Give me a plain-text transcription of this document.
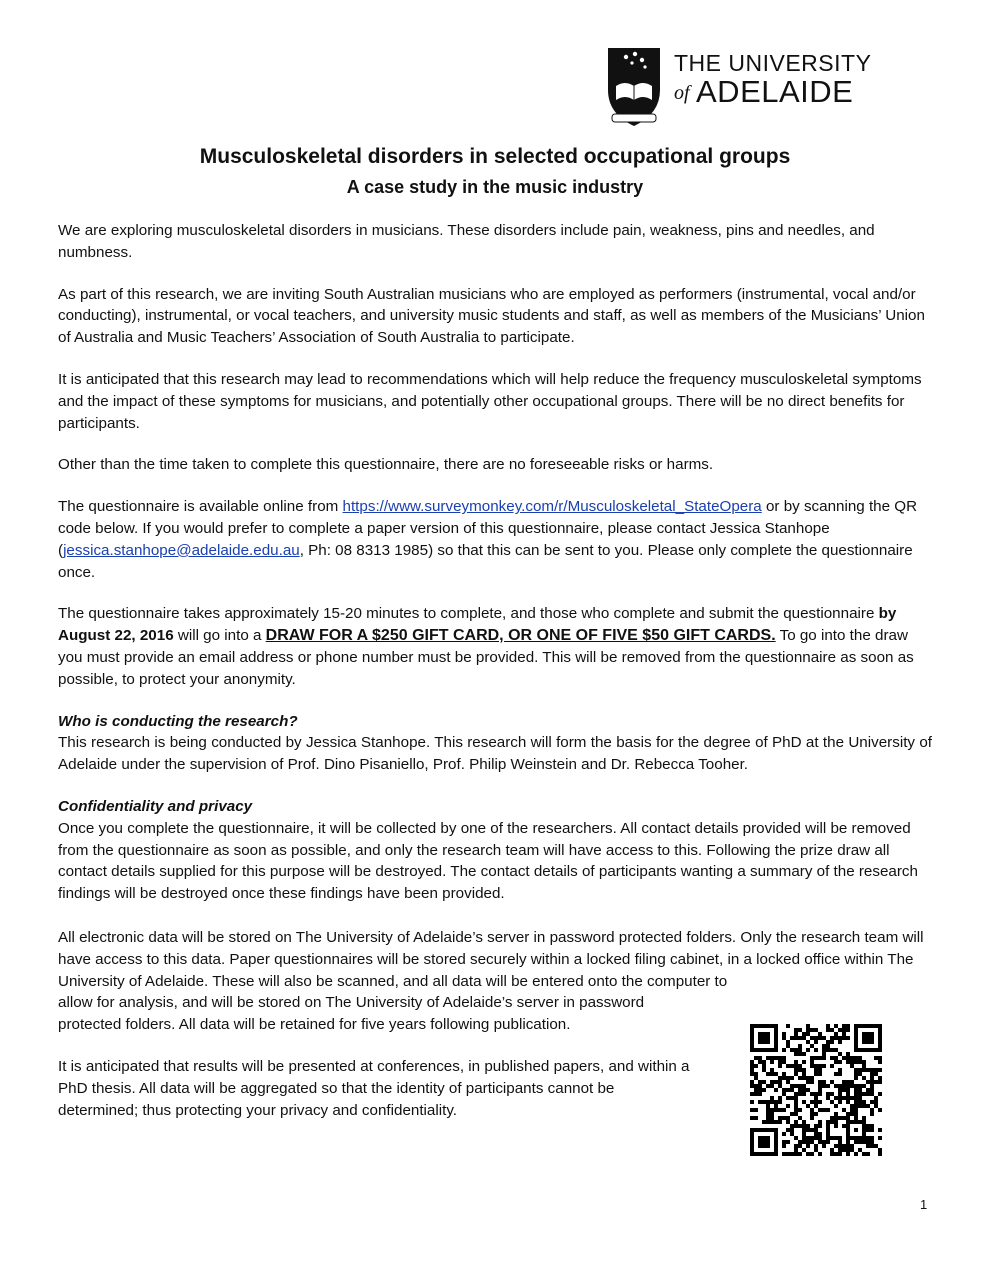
THE UNIVERSITY
of ADELAIDE
Musculoskeletal disorders in selected occupational groups
A case study in the music industry

We are exploring musculoskeletal disorders in musicians. These disorders include pain, weakness, pins and needles, and numbness.

As part of this research, we are inviting South Australian musicians who are employed as performers (instrumental, vocal and/or conducting), instrumental, or vocal teachers, and university music students and staff, as well as members of the Musicians’ Union of Australia and Music Teachers’ Association of South Australia to participate.

It is anticipated that this research may lead to recommendations which will help reduce the frequency musculoskeletal symptoms and the impact of these symptoms for musicians, and potentially other occupational groups. There will be no direct benefits for participants.

Other than the time taken to complete this questionnaire, there are no foreseeable risks or harms.

The questionnaire is available online from https://www.surveymonkey.com/r/Musculoskeletal_StateOpera or by scanning the QR code below. If you would prefer to complete a paper version of this questionnaire, please contact Jessica Stanhope (jessica.stanhope@adelaide.edu.au, Ph: 08 8313 1985) so that this can be sent to you. Please only complete the questionnaire once.

The questionnaire takes approximately 15-20 minutes to complete, and those who complete and submit the questionnaire by August 22, 2016 will go into a DRAW FOR A $250 GIFT CARD, OR ONE OF FIVE $50 GIFT CARDS. To go into the draw you must provide an email address or phone number must be provided. This will be removed from the questionnaire as soon as possible, to protect your anonymity.

Who is conducting the research?

This research is being conducted by Jessica Stanhope. This research will form the basis for the degree of PhD at the University of Adelaide under the supervision of Prof. Dino Pisaniello, Prof. Philip Weinstein and Dr. Rebecca Tooher.

Confidentiality and privacy

Once you complete the questionnaire, it will be collected by one of the researchers. All contact details provided will be removed from the questionnaire as soon as possible, and only the research team will have access to this. Following the prize draw all contact details supplied for this purpose will be destroyed. The contact details of participants wanting a summary of the research findings will be destroyed once these findings have been provided.

All electronic data will be stored on The University of Adelaide’s server in password protected folders. Only the research team will have access to this data. Paper questionnaires will be stored securely within a locked filing cabinet, in a locked office within The University of Adelaide. These will also be scanned, and all data will be entered onto the computer to
allow for analysis, and will be stored on The University of Adelaide’s server in password protected folders. All data will be retained for five years following publication.

It is anticipated that results will be presented at conferences, in published papers, and within a PhD thesis. All data will be aggregated so that the identity of participants cannot be determined; thus protecting your privacy and confidentiality.

1
